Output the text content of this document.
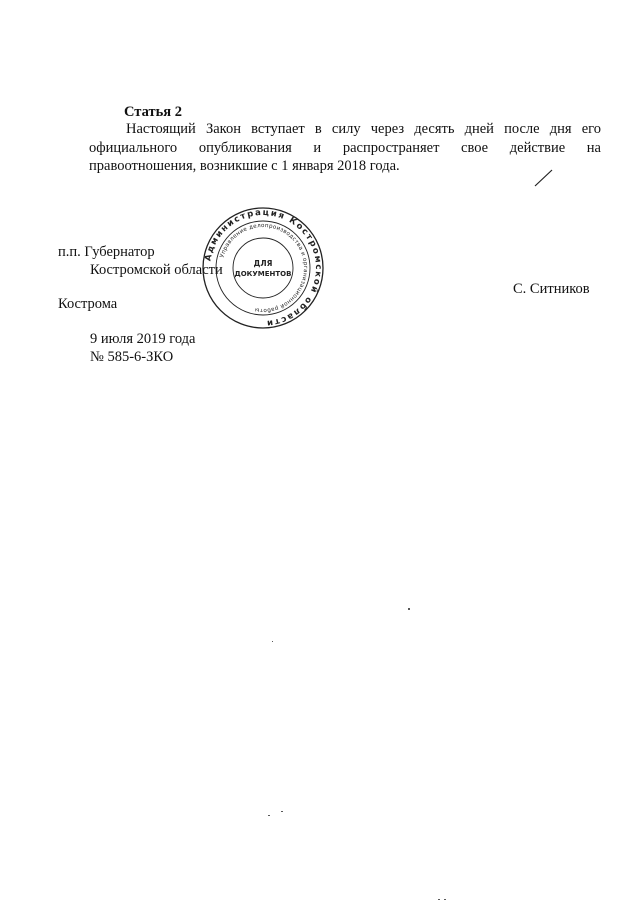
Статья 2
Настоящий Закон вступает в силу через десять дней после дня его официального опубликования и распространяет свое действие на правоотношения, возникшие с 1 января 2018 года.
п.п. Губернатор
Костромской области
Администрация Костромской области
Управление делопроизводства и организационной работы
ДЛЯ
ДОКУМЕНТОВ
С. Ситников
Кострома
9 июля 2019 года
№ 585-6-ЗКО
